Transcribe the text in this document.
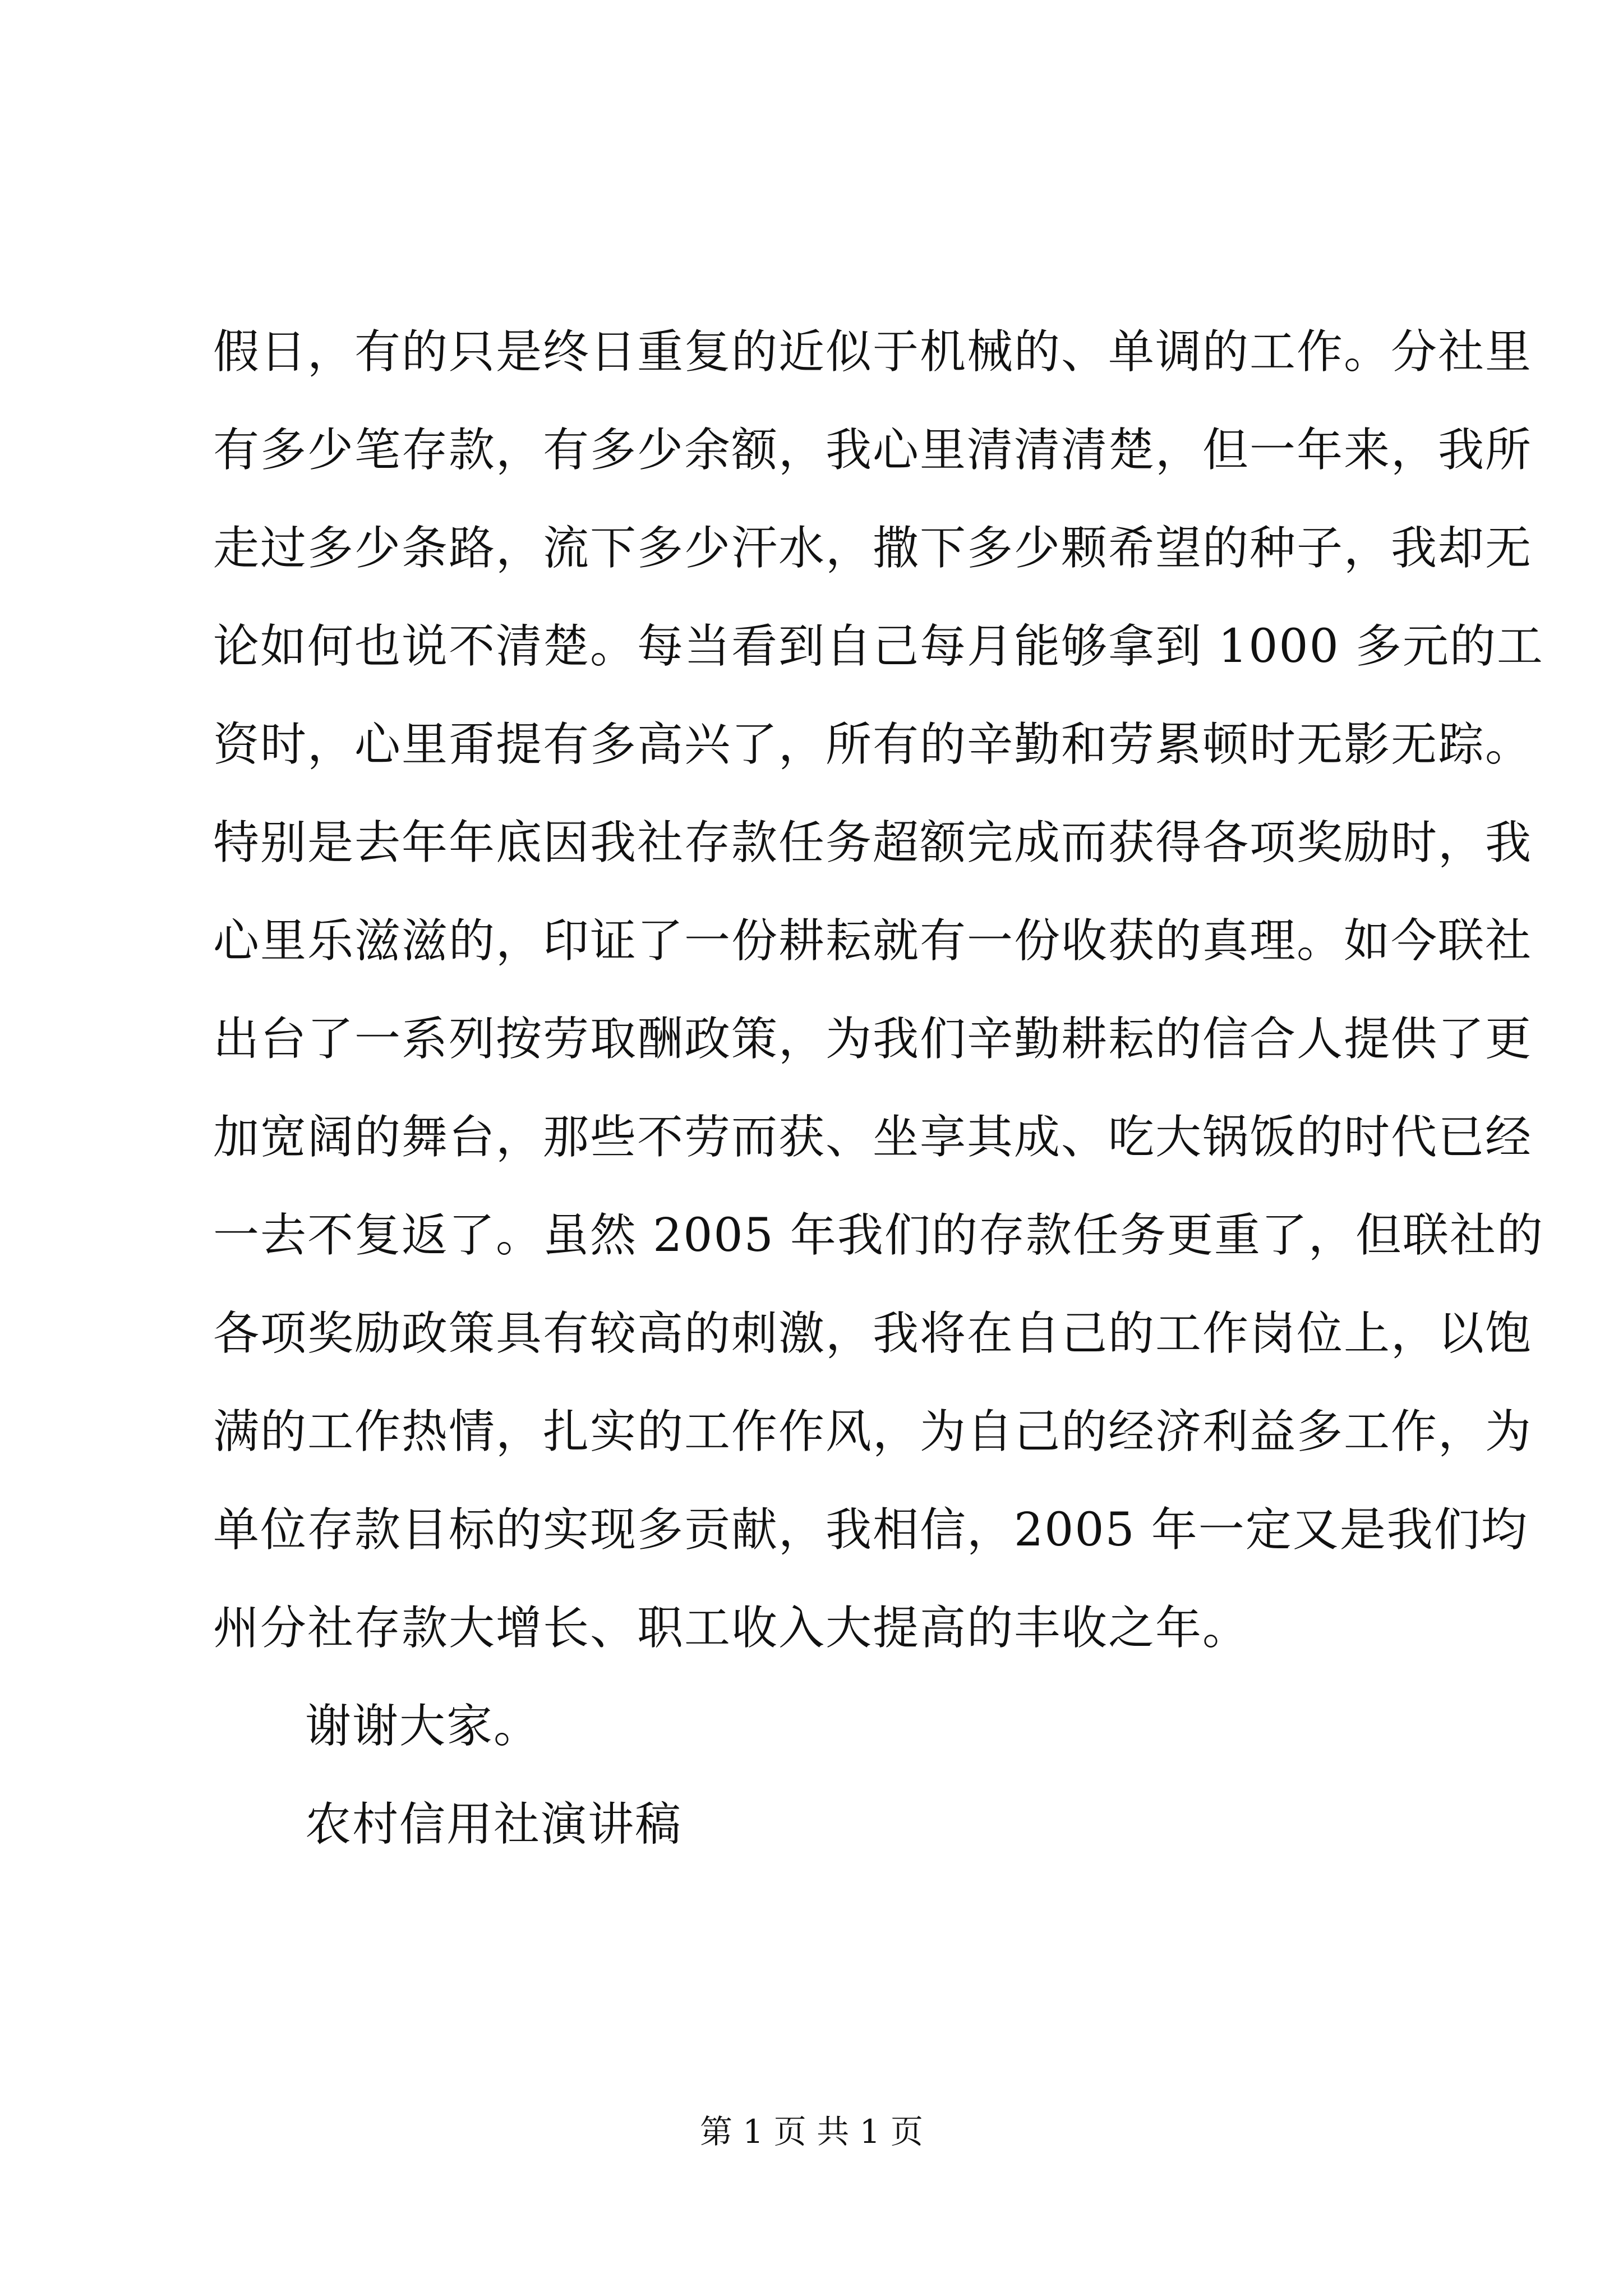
假日，有的只是终日重复的近似于机械的、单调的工作。分社里
有多少笔存款，有多少余额，我心里清清清楚，但一年来，我所
走过多少条路，流下多少汗水，撒下多少颗希望的种子，我却无
论如何也说不清楚。每当看到自己每月能够拿到 1000 多元的工
资时，心里甭提有多高兴了，所有的辛勤和劳累顿时无影无踪。
特别是去年年底因我社存款任务超额完成而获得各项奖励时，我
心里乐滋滋的，印证了一份耕耘就有一份收获的真理。如今联社
出台了一系列按劳取酬政策，为我们辛勤耕耘的信合人提供了更
加宽阔的舞台，那些不劳而获、坐享其成、吃大锅饭的时代已经
一去不复返了。虽然 2005 年我们的存款任务更重了，但联社的
各项奖励政策具有较高的刺激，我将在自己的工作岗位上，以饱
满的工作热情，扎实的工作作风，为自己的经济利益多工作，为
单位存款目标的实现多贡献，我相信，2005 年一定又是我们均
州分社存款大增长、职工收入大提高的丰收之年。
谢谢大家。
农村信用社演讲稿
第 1 页 共 1 页
